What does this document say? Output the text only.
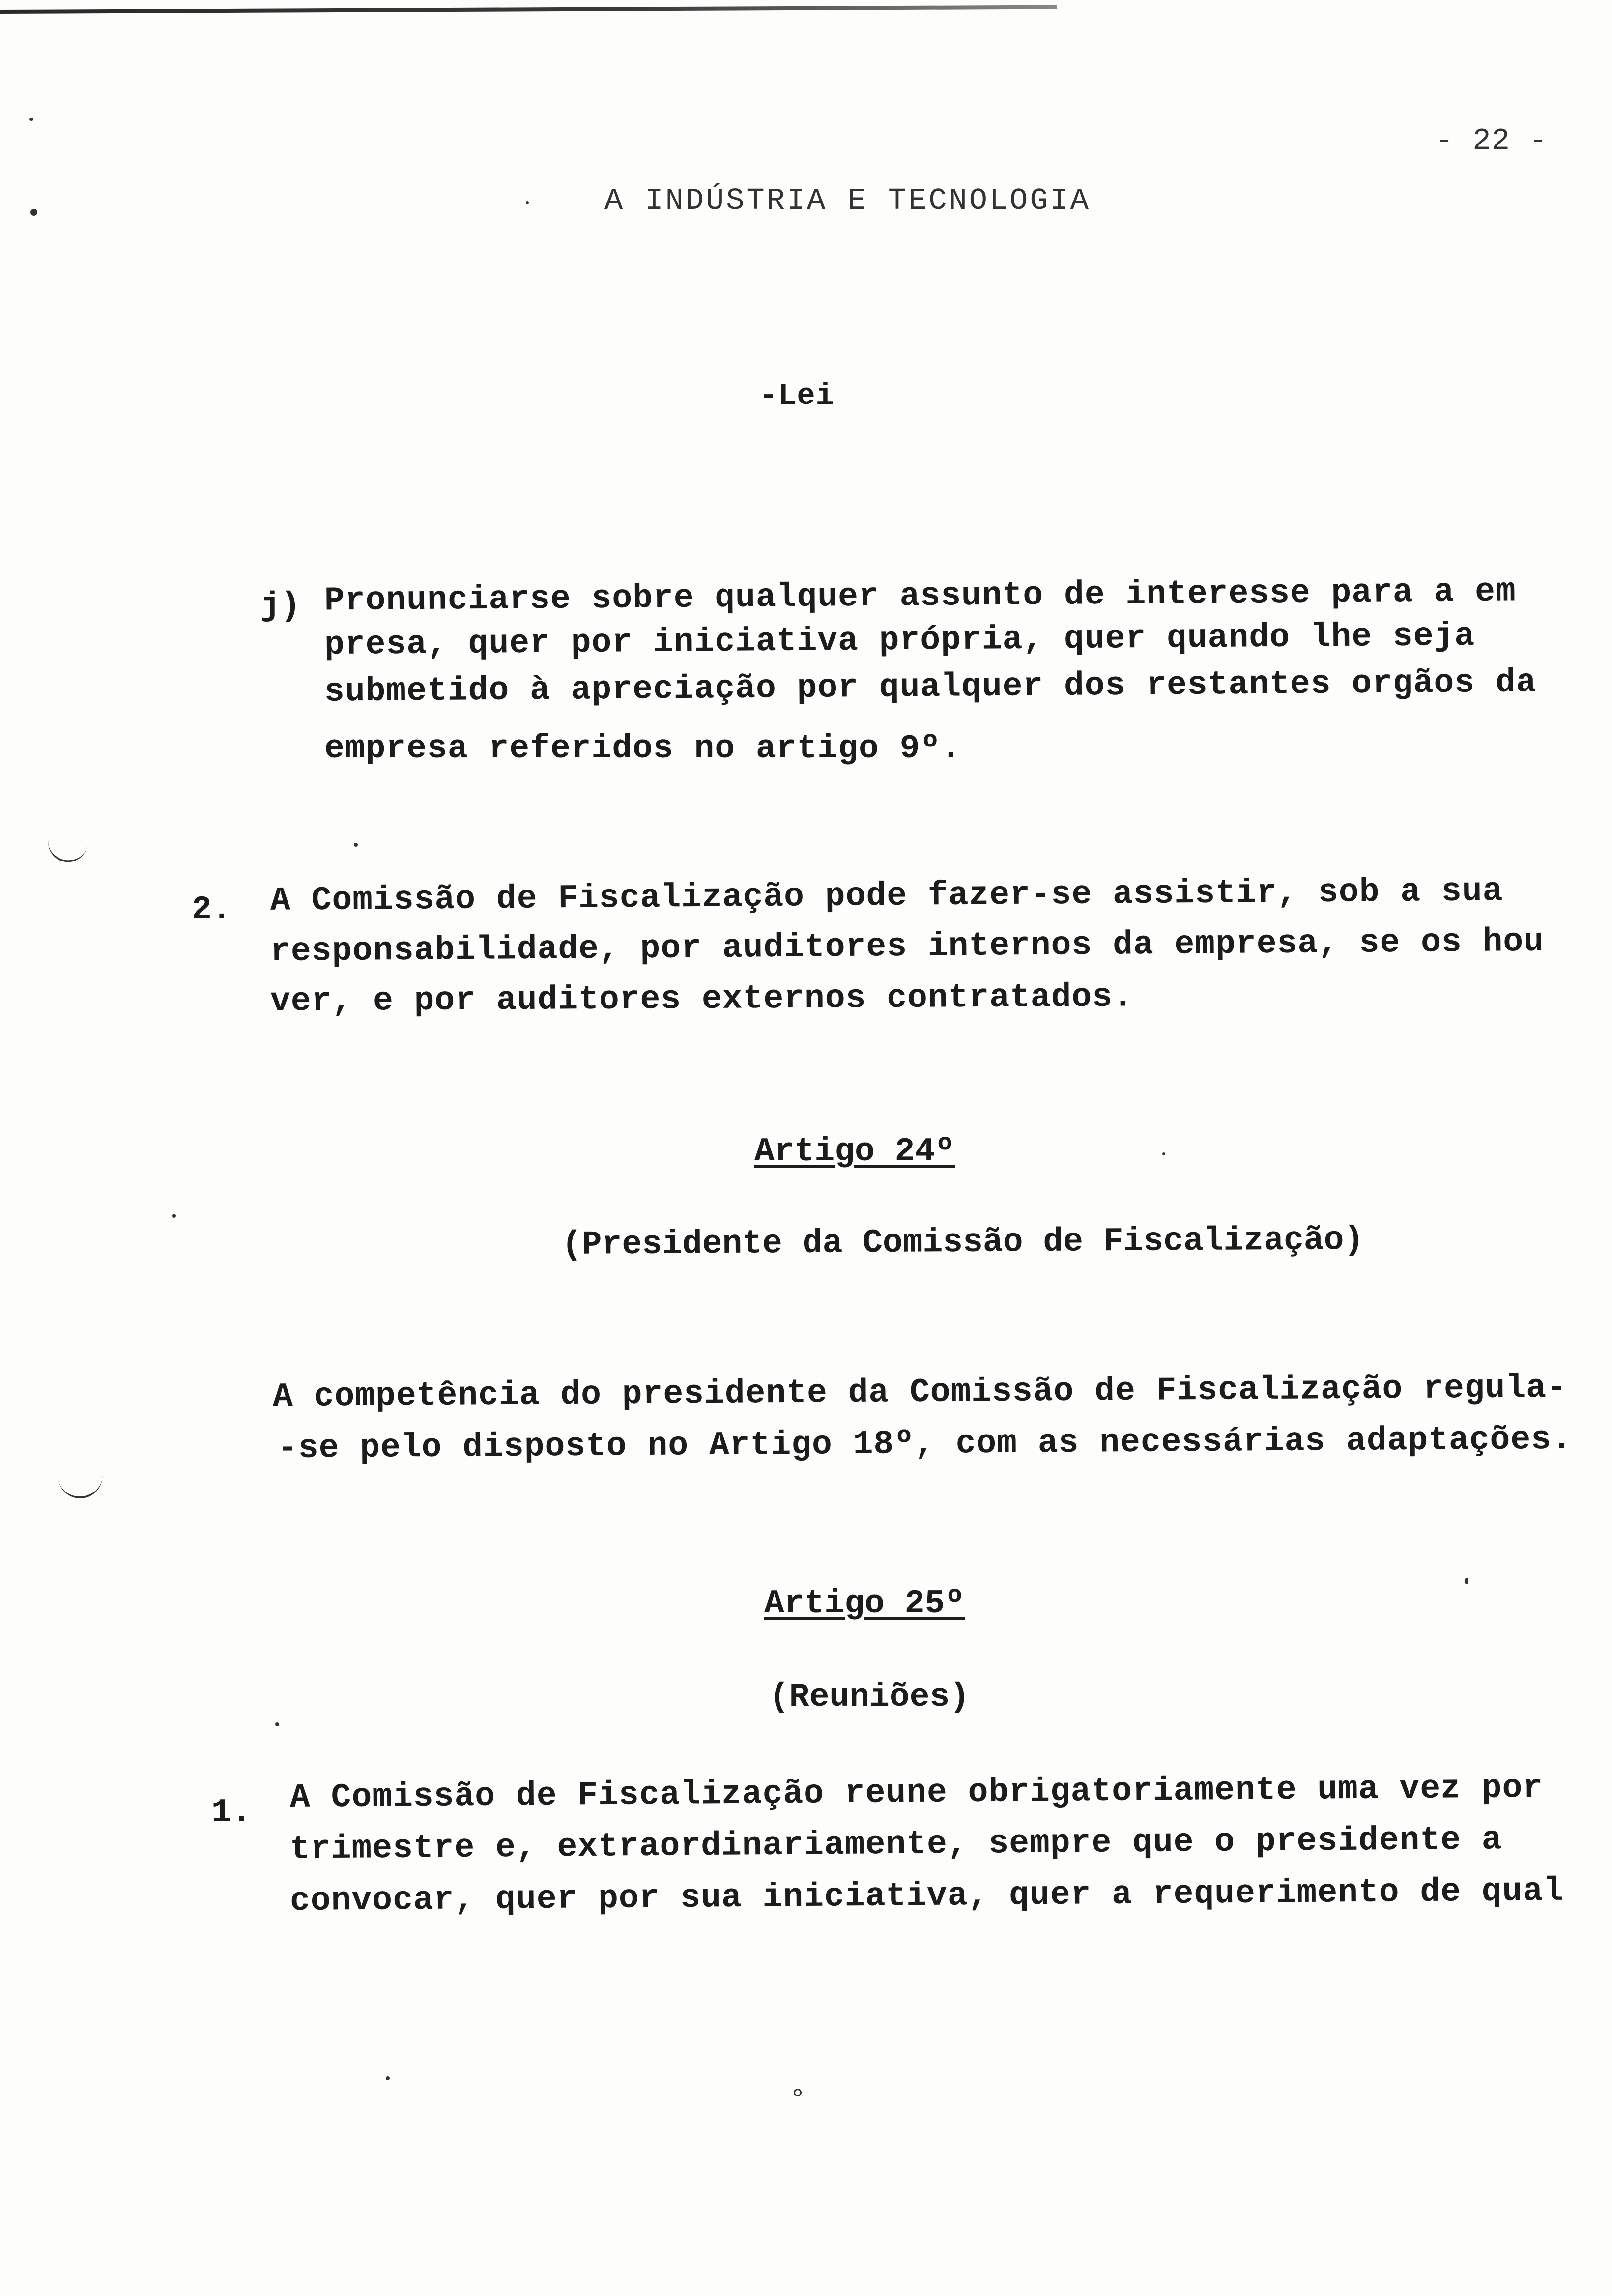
- 22 -
A INDÚSTRIA E TECNOLOGIA
-Lei
j) Pronunciarse sobre qualquer assunto de interesse para a em
presa, quer por iniciativa própria, quer quando lhe seja
submetido à apreciação por qualquer dos restantes orgãos da
empresa referidos no artigo 9º.
2. A Comissão de Fiscalização pode fazer-se assistir, sob a sua
responsabilidade, por auditores internos da empresa, se os hou
ver, e por auditores externos contratados.
Artigo 24º
(Presidente da Comissão de Fiscalização)
A competência do presidente da Comissão de Fiscalização regula-
-se pelo disposto no Artigo 18º, com as necessárias adaptações.
Artigo 25º
(Reuniões)
1. A Comissão de Fiscalização reune obrigatoriamente uma vez por
trimestre e, extraordinariamente, sempre que o presidente a
convocar, quer por sua iniciativa, quer a requerimento de qual
